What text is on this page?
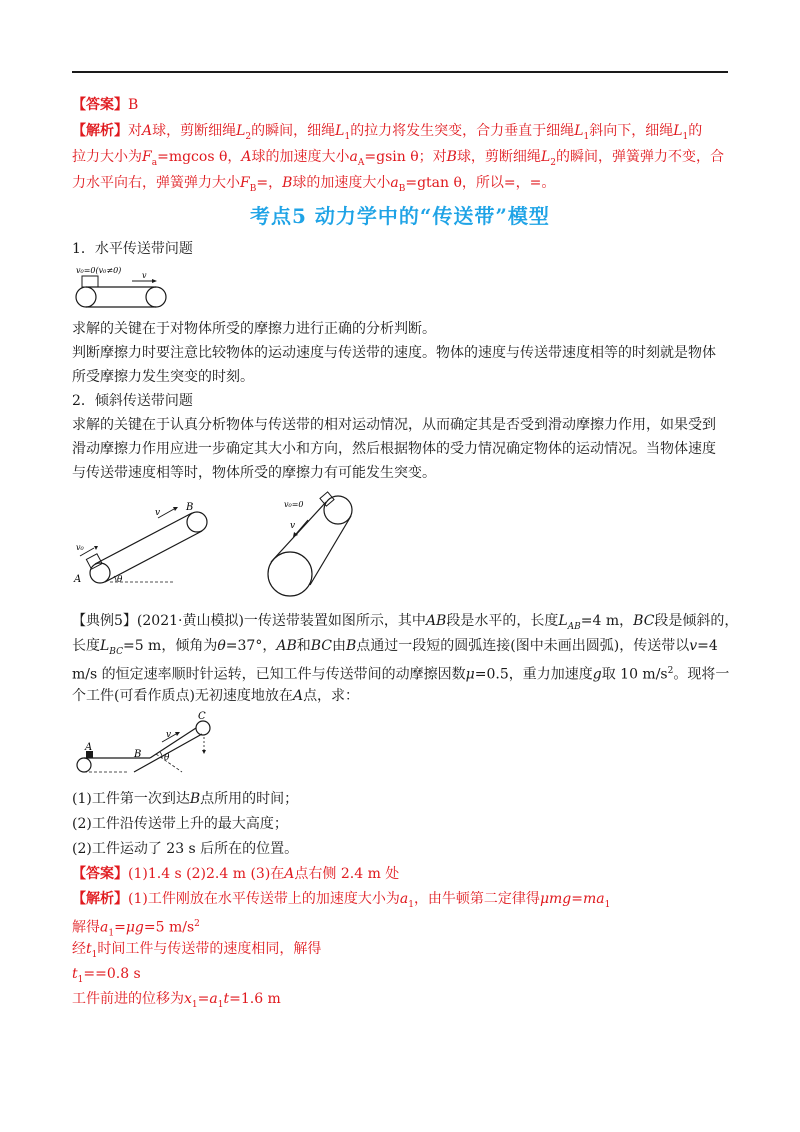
【答案】B
【解析】对A球，剪断细绳$L_2$的瞬间，细绳$L_1$的拉力将发生突变，合力垂直于细绳$L_1$斜向下，细绳$L_1$的
拉力大小为$F_a=mgcos$ θ，A球的加速度大小$a_A=gsin$ θ；对B球，剪断细绳$L_2$的瞬间，弹簧弹力不变，合
力水平向右，弹簧弹力大小$F_B=$，B球的加速度大小$a_B=gtan$ θ，所以=，=。
考点5 动力学中的“传送带”模型
1．水平传送带问题
v₀=0(v₀≠0)
v
求解的关键在于对物体所受的摩擦力进行正确的分析判断。
判断摩擦力时要注意比较物体的运动速度与传送带的速度。物体的速度与传送带速度相等的时刻就是物体
所受摩擦力发生突变的时刻。
2．倾斜传送带问题
求解的关键在于认真分析物体与传送带的相对运动情况，从而确定其是否受到滑动摩擦力作用，如果受到
滑动摩擦力作用应进一步确定其大小和方向，然后根据物体的受力情况确定物体的运动情况。当物体速度
与传送带速度相等时，物体所受的摩擦力有可能发生突变。
v	B
v₀
A	θ
v₀=0
v
【典例5】(2021·黄山模拟)一传送带装置如图所示，其中AB段是水平的，长度$L_{AB}=4$ m，BC段是倾斜的，
长度$L_{BC}=5$ m，倾角为θ=37°，AB和BC由B点通过一段短的圆弧连接(图中未画出圆弧)，传送带以v=4
m/s 的恒定速率顺时针运转，已知工件与传送带间的动摩擦因数μ=0.5，重力加速度g取 10 $m/s^2$。现将一
个工件(可看作质点)无初速度地放在A点，求：
A
B
C
v
θ
(1)工件第一次到达B点所用的时间；
(2)工件沿传送带上升的最大高度；
(2)工件运动了 23 s 后所在的位置。
【答案】(1)1.4 s (2)2.4 m (3)在A点右侧 2.4 m 处
【解析】(1)工件刚放在水平传送带上的加速度大小为$a_1$，由牛顿第二定律得$\mu mg=ma_1$
解得$a_1=\mu g=5$ $m/s^2$
经$t_1$时间工件与传送带的速度相同，解得
$t_1==0.8$ s
工件前进的位移为$x_1=a_1t=1.6$ m
